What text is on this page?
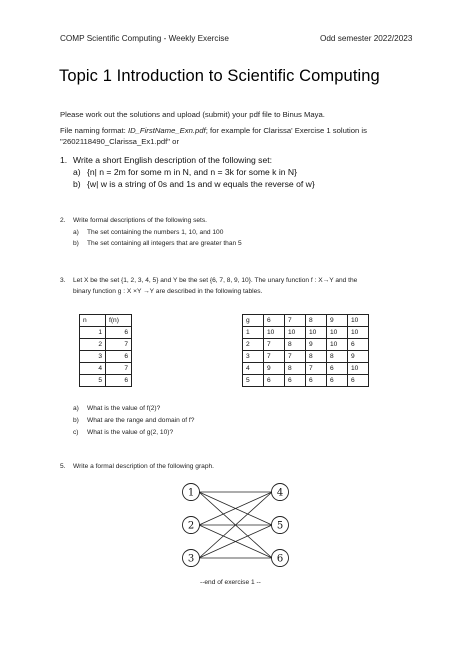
COMP Scientific Computing - Weekly Exercise	Odd semester 2022/2023
Topic 1 Introduction to Scientific Computing
Please work out the solutions and upload (submit) your pdf file to Binus Maya.
File naming format: ID_FirstName_Exn.pdf; for example for Clarissa' Exercise 1 solution is
"2602118490_Clarissa_Ex1.pdf" or
1. Write a short English description of the following set:
a) {n| n = 2m for some m in N, and n = 3k for some k in N}
b) {w| w is a string of 0s and 1s and w equals the reverse of w}
2. Write formal descriptions of the following sets.
a) The set containing the numbers 1, 10, and 100
b) The set containing all integers that are greater than 5
3. Let X be the set {1, 2, 3, 4, 5} and Y be the set {6, 7, 8, 9, 10}. The unary function f : X→Y and the
binary function g : X ×Y →Y are described in the following tables.
n	f(n)
1	6
2	7
3	6
4	7
5	6
g	6	7	8	9	10
1	10	10	10	10	10
2	7	8	9	10	6
3	7	7	8	8	9
4	9	8	7	6	10
5	6	6	6	6	6
a) What is the value of f(2)?
b) What are the range and domain of f?
c) What is the value of g(2, 10)?
5. Write a formal description of the following graph.
1
2
3
4
5
6
--end of exercise 1 --
